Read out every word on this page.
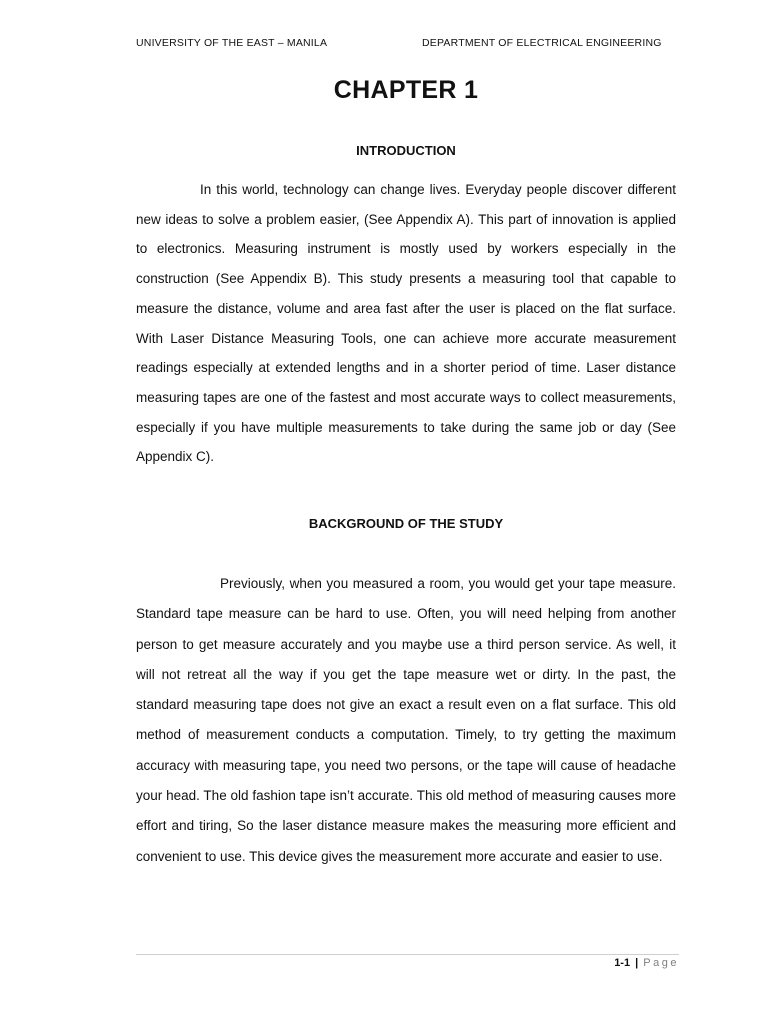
UNIVERSITY OF THE EAST – MANILA	DEPARTMENT OF ELECTRICAL ENGINEERING
CHAPTER 1
INTRODUCTION

In this world, technology can change lives. Everyday people discover different new ideas to solve a problem easier, (See Appendix A). This part of innovation is applied to electronics. Measuring instrument is mostly used by workers especially in the construction (See Appendix B). This study presents a measuring tool that capable to measure the distance, volume and area fast after the user is placed on the flat surface. With Laser Distance Measuring Tools, one can achieve more accurate measurement readings especially at extended lengths and in a shorter period of time. Laser distance measuring tapes are one of the fastest and most accurate ways to collect measurements, especially if you have multiple measurements to take during the same job or day (See Appendix C).

BACKGROUND OF THE STUDY

Previously, when you measured a room, you would get your tape measure. Standard tape measure can be hard to use. Often, you will need helping from another person to get measure accurately and you maybe use a third person service. As well, it will not retreat all the way if you get the tape measure wet or dirty. In the past, the standard measuring tape does not give an exact a result even on a flat surface. This old method of measurement conducts a computation. Timely, to try getting the maximum accuracy with measuring tape, you need two persons, or the tape will cause of headache your head. The old fashion tape isn’t accurate. This old method of measuring causes more effort and tiring, So the laser distance measure makes the measuring more efficient and convenient to use. This device gives the measurement more accurate and easier to use.

1-1 | Page
